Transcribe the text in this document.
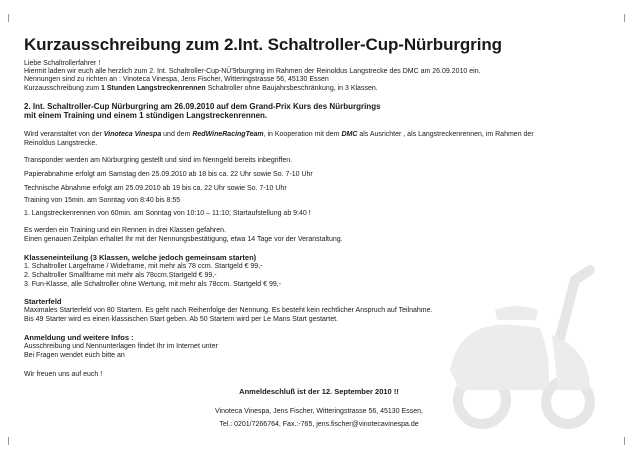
Kurzausschreibung zum 2.Int. Schaltroller-Cup-Nürburgring
Liebe Schaltrollerfahrer !
Hiermit laden wir euch alle herzlich zum 2. Int. Schaltroller-Cup-NÜ'9rburgring im Rahmen der Reinoldus Langstrecke des DMC am 26.09.2010 ein.
Nennungen sind zu richten an : Vinoteca Vinespa, Jens Fischer, Witteringstrasse 56, 45130 Essen
Kurzausschreibung zum 1 Stunden Langstreckenrennen Schaltroller ohne Baujahrsbeschränkung, in 3 Klassen.
2. Int. Schaltroller-Cup Nürburgring am 26.09.2010 auf dem Grand-Prix Kurs des Nürburgrings
mit einem Training und einem 1 stündigen Langstreckenrennen.
Wird veranstaltet von der Vinoteca Vinespa und dem RedWineRacingTeam, in Kooperation mit dem DMC als Ausrichter , als Langstreckenrennen, im Rahmen der
Reinoldus Langstrecke.
Transponder werden am Nürburgring gestellt und sind im Nenngeld bereits inbegriffen.
Papierabnahme erfolgt am Samstag den 25.09.2010 ab 18 bis ca. 22 Uhr sowie So. 7-10 Uhr
Technische Abnahme erfolgt am 25.09.2010 ab 19 bis ca. 22 Uhr sowie So. 7-10 Uhr
Training von 15min. am Sonntag von 8:40 bis 8:55
1. Langstreckenrennen von 60min. am Sonntag von 10:10 – 11:10; Startaufstellung ab 9:40 !
Es werden ein Training und ein Rennen in drei Klassen gefahren.
Einen genauen Zeitplan erhaltet Ihr mit der Nennungsbestätigung, etwa 14 Tage vor der Veranstaltung.
Klasseneinteilung (3 Klassen, welche jedoch gemeinsam starten)
1. Schaltroller Largeframe / Wideframe, mit mehr als 78 ccm. Startgeld € 99,-
2. Schaltroller Smallframe mit mehr als 78ccm.Startgeld € 99,-
3. Fun-Klasse, alle Schaltroller ohne Wertung, mit mehr als 78ccm. Startgeld € 99,-
Starterfeld
Maximales Starterfeld von 80 Startern. Es geht nach Reihenfolge der Nennung. Es besteht kein rechtlicher Anspruch auf Teilnahme.
Bis 49 Starter wird es einen klassischen Start geben. Ab 50 Startern wird per Le Mans Start gestartet.
Anmeldung und weitere Infos :
Ausschreibung und Nennunterlagen findet Ihr im Internet unter
Bei Fragen wendet euch bitte an
Wir freuen uns auf euch !
Anmeldeschluß ist der 12. September 2010 !!
Vinoteca Vinespa, Jens Fischer, Witteringstrasse 56, 45130 Essen,
Tel.: 0201/7266764, Fax.:-765, jens.fischer@vinotecavinespa.de
